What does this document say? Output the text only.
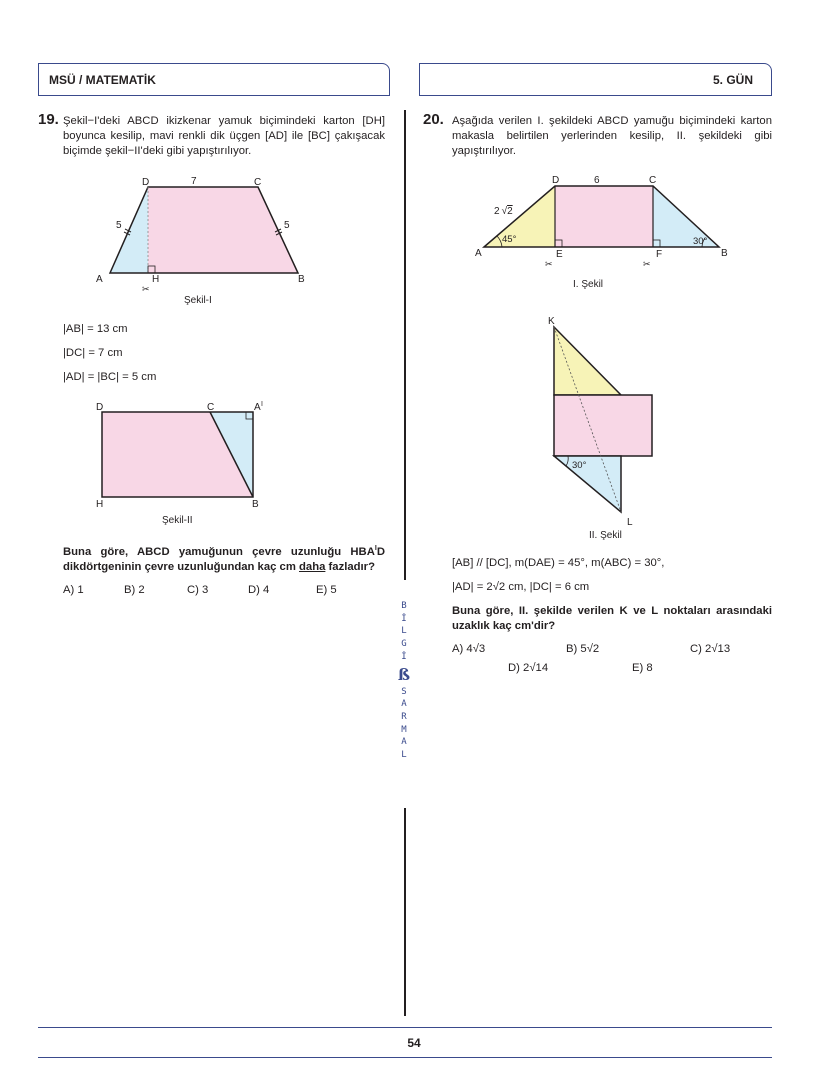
MSÜ / MATEMATİK	5. GÜN
B
İ
L
G
İ
ß
S
A
R
M
A
L
19. Şekil−I'deki ABCD ikizkenar yamuk biçimindeki karton [DH] boyunca kesilip, mavi renkli dik üçgen [AD] ile [BC] çakışacak biçimde şekil−II'deki gibi yapıştırılıyor.
D	C
A	H	B
7
5	5
✂
Şekil-I
|AB| = 13 cm
|DC| = 7 cm
|AD| = |BC| = 5 cm
D	C	A I
H	B
Şekil-II
Buna göre, ABCD yamuğunun çevre uzunluğu $HBA^ID$ dikdörtgeninin çevre uzunluğundan kaç cm daha fazladır?
A) 1	B) 2	C) 3	D) 4	E) 5
20. Aşağıda verilen I. şekildeki ABCD yamuğu biçimindeki karton makasla belirtilen yerlerinden kesilip, II. şekildeki gibi yapıştırılıyor.
D	C
A	E	F	B
6
2 √2
45°	30°
✂	✂
I. Şekil
K
L
30°
II. Şekil
[AB] // [DC], m(DAE) = 45°, m(ABC) = 30°,
|AD| = 2√2 cm, |DC| = 6 cm
Buna göre, II. şekilde verilen K ve L noktaları arasındaki uzaklık kaç cm'dir?
A) 4√3	B) 5√2	C) 2√13
D) 2√14	E) 8
54
